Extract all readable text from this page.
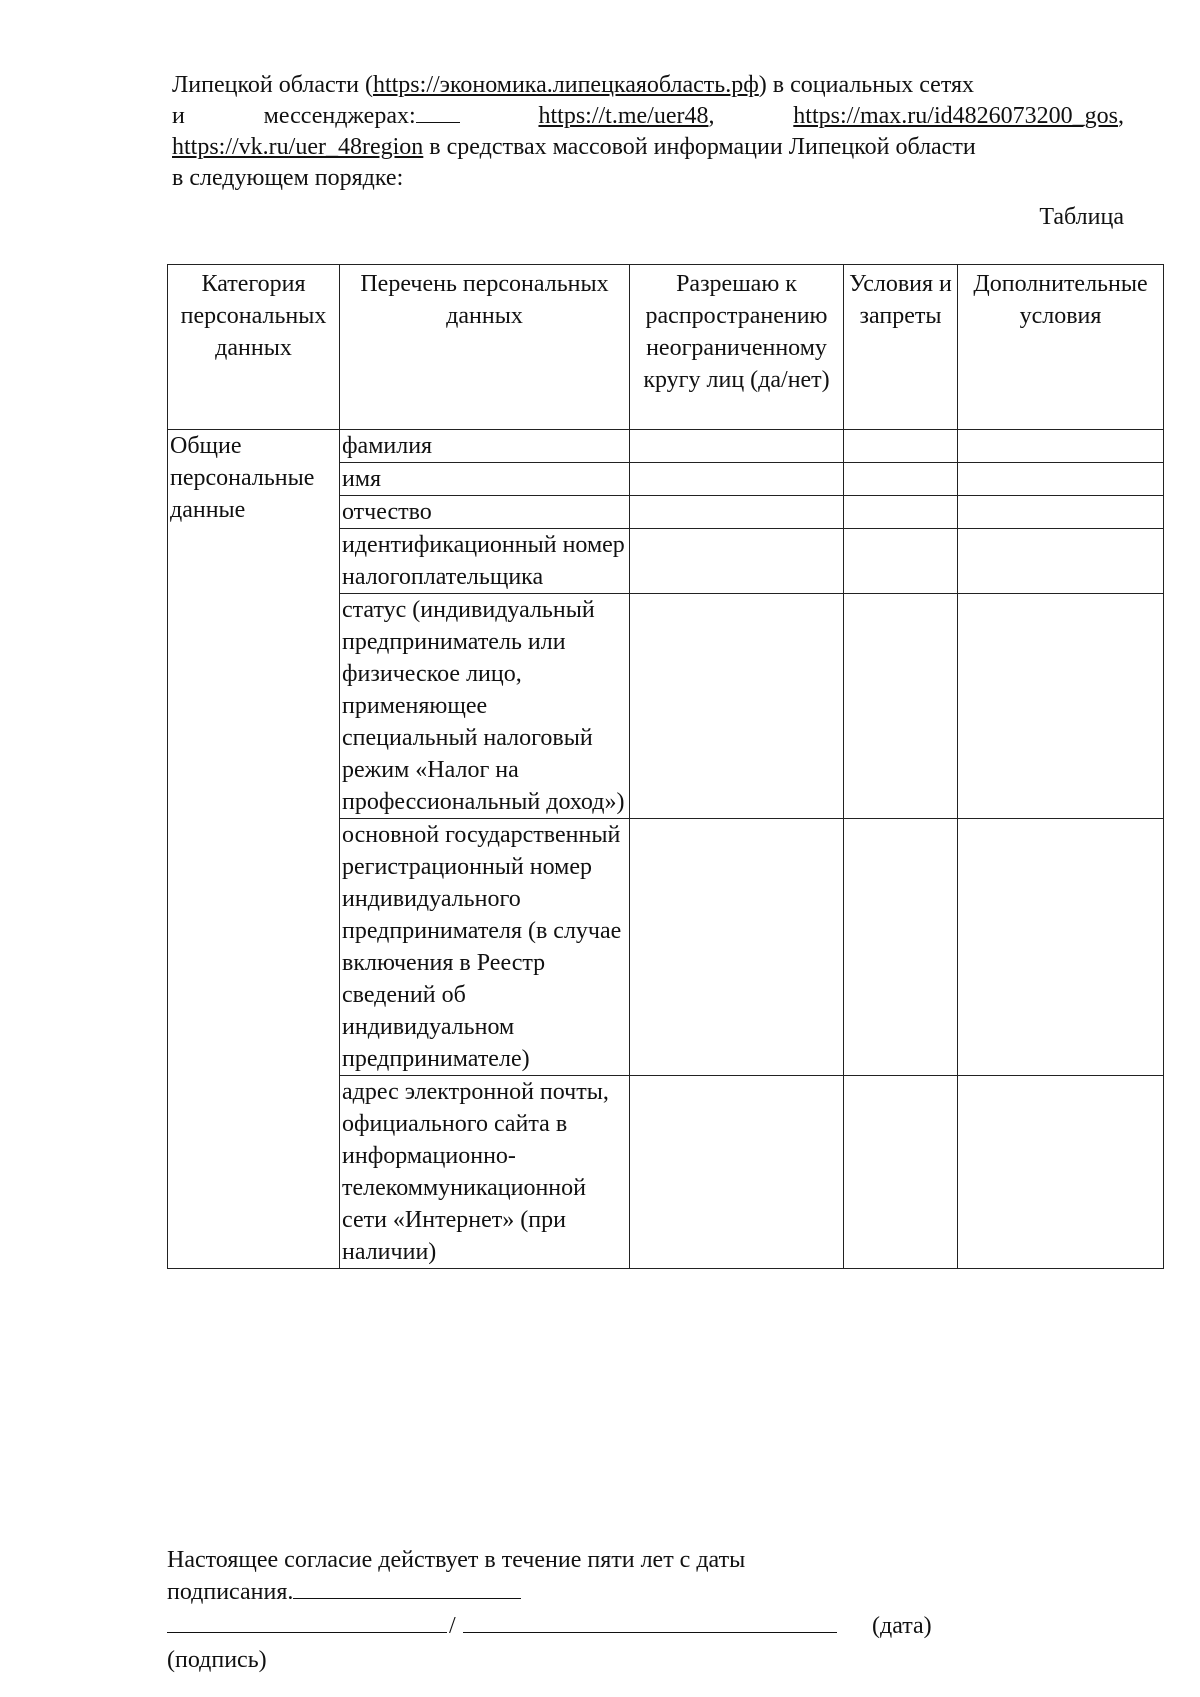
Липецкой области ( https://экономика.липецкаяобласть.рф ) в социальных сетях
и	мессенджерах:	https://t.me/uer48,	https://max.ru/id4826073200_gos,
https://vk.ru/uer_48region в средствах массовой информации Липецкой области
в следующем порядке:
Таблица
Категория персональных данных	Перечень персональных данных	Разрешаю к распространению неограниченному кругу лиц (да/нет)	Условия и запреты	Дополнительные условия
Общие персональные данные	фамилия			
	имя			
	отчество			
	идентификационный номер налогоплательщика			
	статус (индивидуальный предприниматель или физическое лицо, применяющее специальный налоговый режим «Налог на профессиональный доход»)			
	основной государственный регистрационный номер индивидуального предпринимателя (в случае включения в Реестр сведений об индивидуальном предпринимателе)			
	адрес электронной почты, официального сайта в информационно-телекоммуникационной сети «Интернет» (при наличии)			
Настоящее согласие действует в течение пяти лет с даты
подписания.
/	(дата)
(подпись)
